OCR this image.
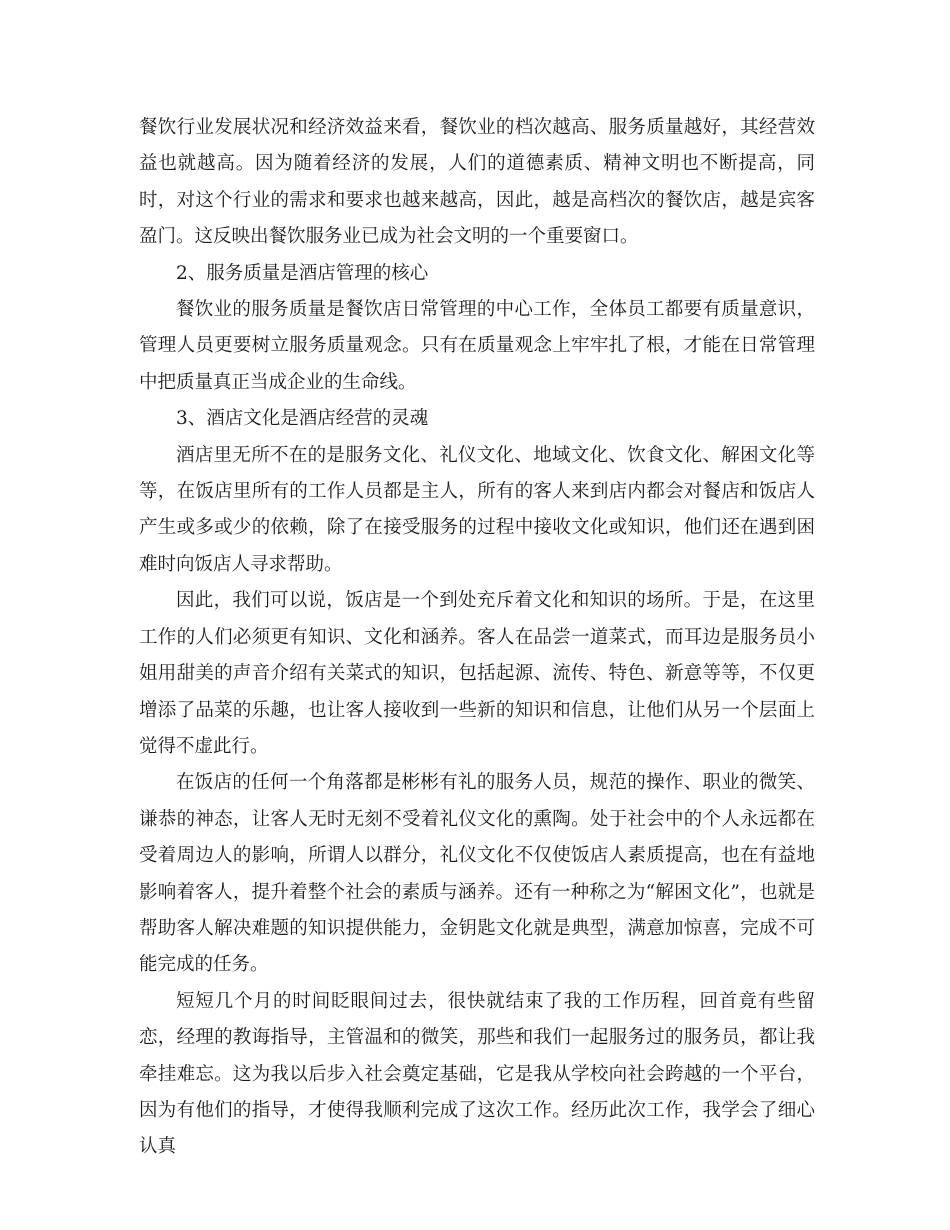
餐饮行业发展状况和经济效益来看，餐饮业的档次越高、服务质量越好，其经营效益也就越高。因为随着经济的发展，人们的道德素质、精神文明也不断提高，同时，对这个行业的需求和要求也越来越高，因此，越是高档次的餐饮店，越是宾客盈门。这反映出餐饮服务业已成为社会文明的一个重要窗口。

2、服务质量是酒店管理的核心

餐饮业的服务质量是餐饮店日常管理的中心工作，全体员工都要有质量意识，管理人员更要树立服务质量观念。只有在质量观念上牢牢扎了根，才能在日常管理中把质量真正当成企业的生命线。

3、酒店文化是酒店经营的灵魂

酒店里无所不在的是服务文化、礼仪文化、地域文化、饮食文化、解困文化等等，在饭店里所有的工作人员都是主人，所有的客人来到店内都会对餐店和饭店人产生或多或少的依赖，除了在接受服务的过程中接收文化或知识，他们还在遇到困难时向饭店人寻求帮助。

因此，我们可以说，饭店是一个到处充斥着文化和知识的场所。于是，在这里工作的人们必须更有知识、文化和涵养。客人在品尝一道菜式，而耳边是服务员小姐用甜美的声音介绍有关菜式的知识，包括起源、流传、特色、新意等等，不仅更增添了品菜的乐趣，也让客人接收到一些新的知识和信息，让他们从另一个层面上觉得不虚此行。

在饭店的任何一个角落都是彬彬有礼的服务人员，规范的操作、职业的微笑、谦恭的神态，让客人无时无刻不受着礼仪文化的熏陶。处于社会中的个人永远都在受着周边人的影响，所谓人以群分，礼仪文化不仅使饭店人素质提高，也在有益地影响着客人，提升着整个社会的素质与涵养。还有一种称之为“解困文化”，也就是帮助客人解决难题的知识提供能力，金钥匙文化就是典型，满意加惊喜，完成不可能完成的任务。

短短几个月的时间眨眼间过去，很快就结束了我的工作历程，回首竟有些留恋，经理的教诲指导，主管温和的微笑，那些和我们一起服务过的服务员，都让我牵挂难忘。这为我以后步入社会奠定基础，它是我从学校向社会跨越的一个平台，因为有他们的指导，才使得我顺利完成了这次工作。经历此次工作，我学会了细心认真
